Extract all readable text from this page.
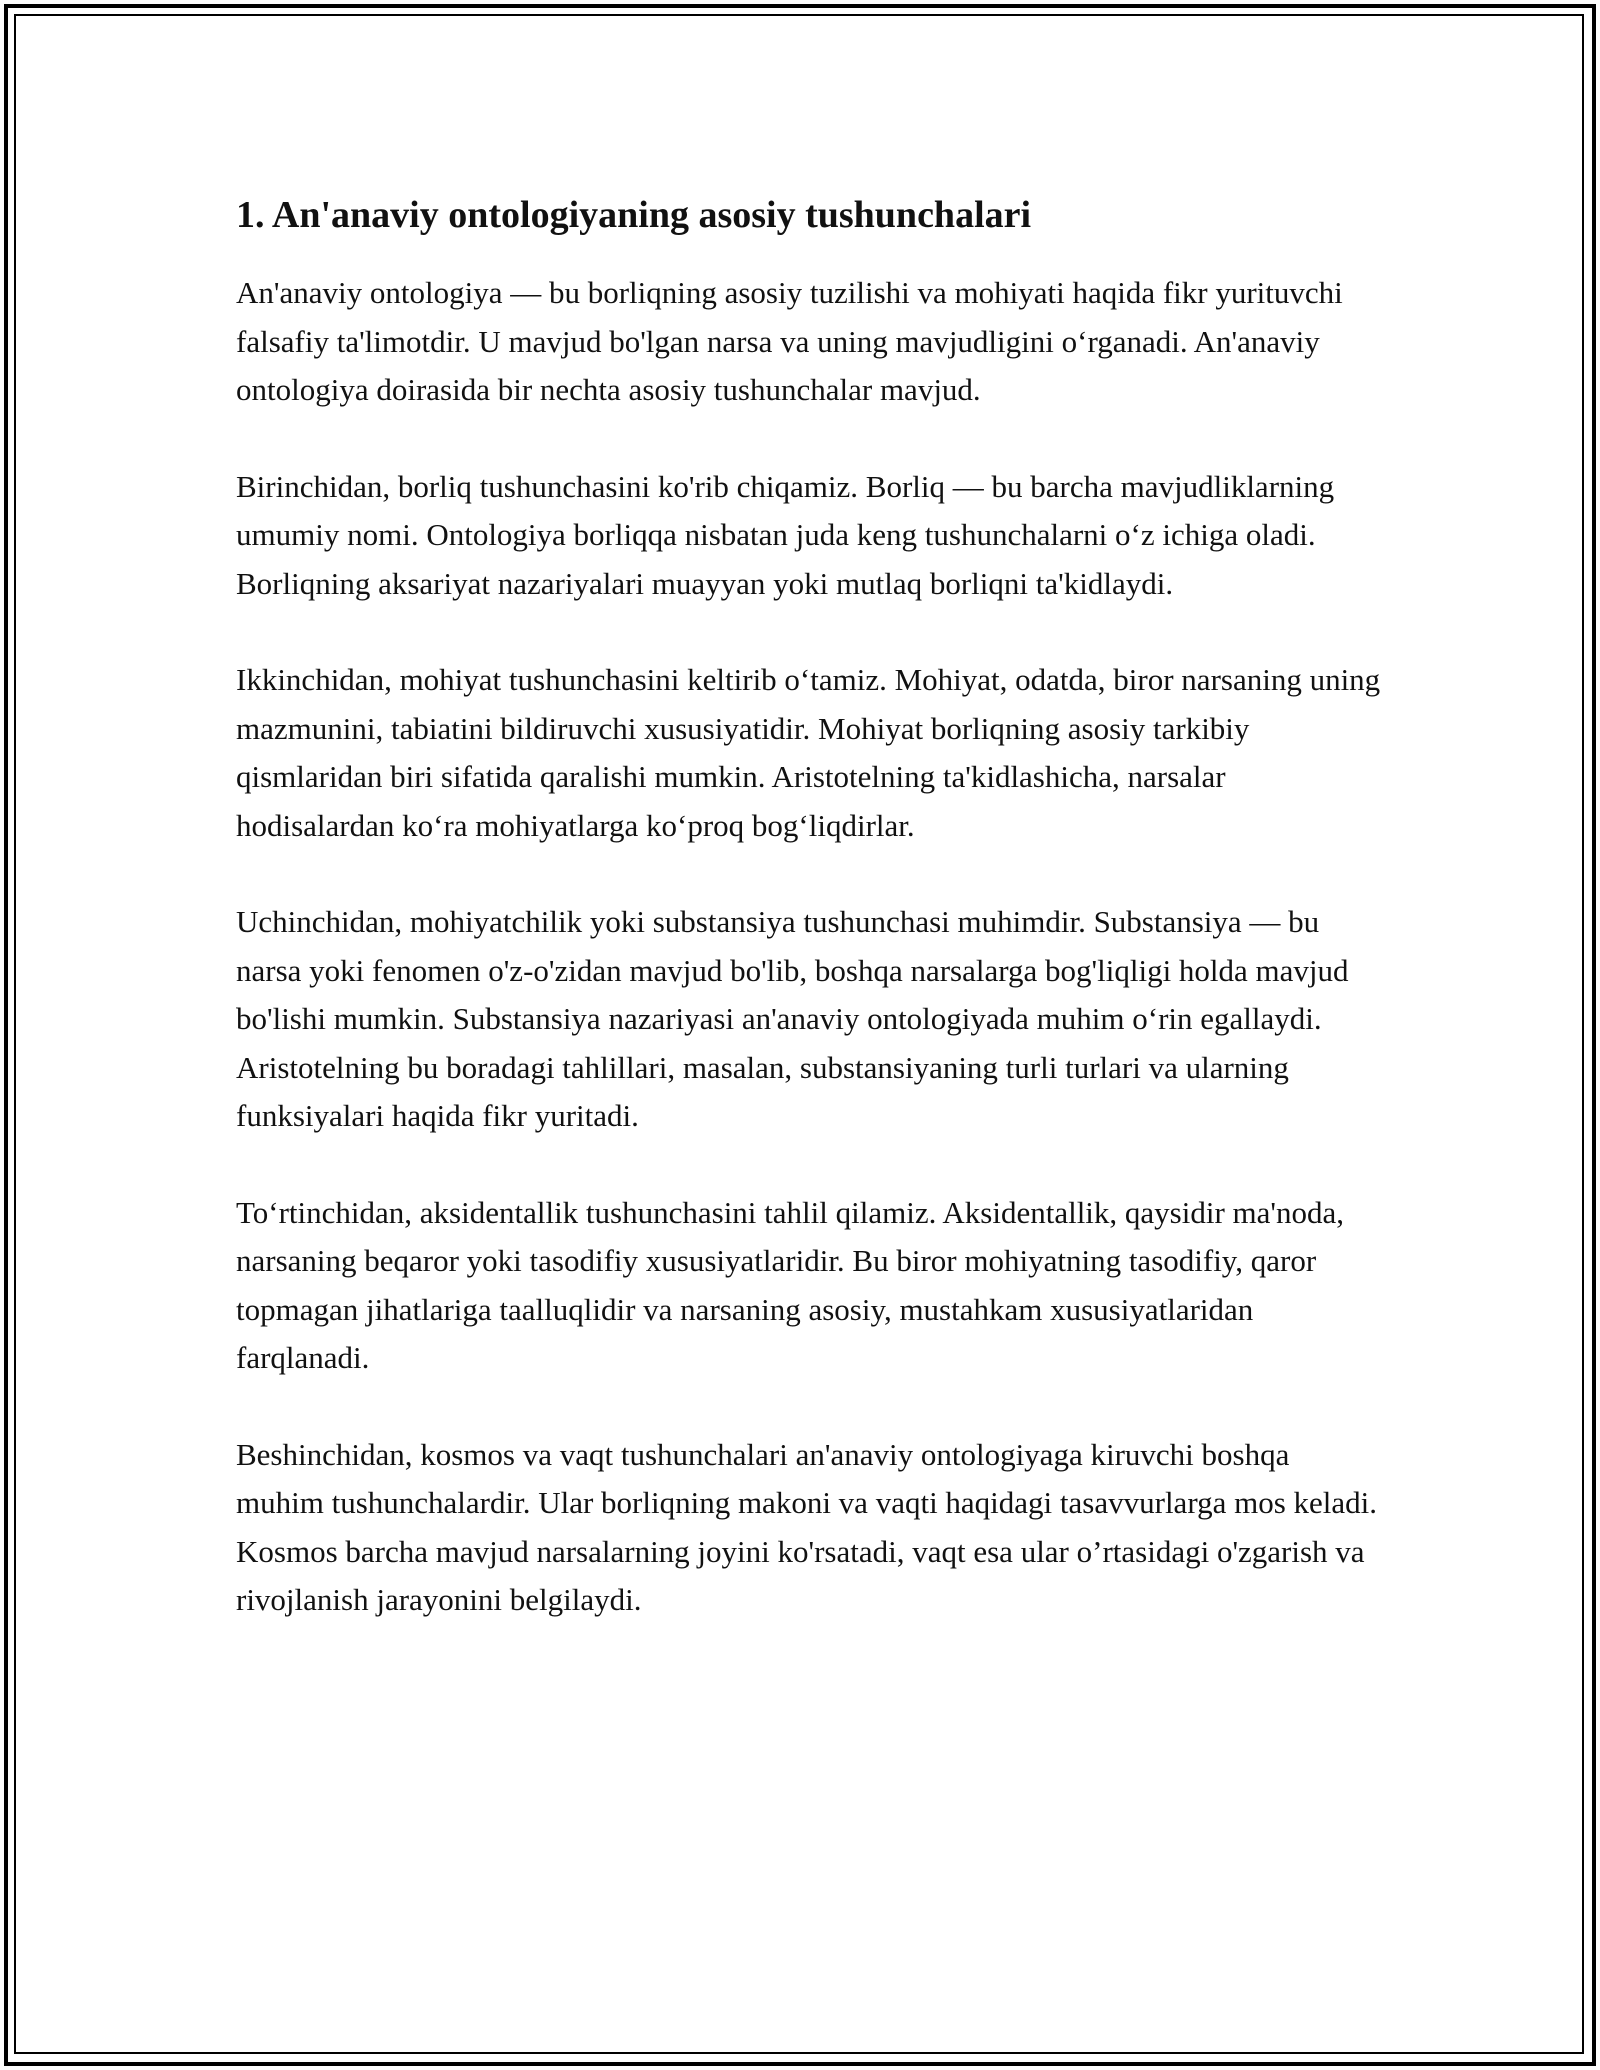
1. An'anaviy ontologiyaning asosiy tushunchalari

An'anaviy ontologiya — bu borliqning asosiy tuzilishi va mohiyati haqida fikr yurituvchi falsafiy ta'limotdir. U mavjud bo'lgan narsa va uning mavjudligini o‘rganadi. An'anaviy ontologiya doirasida bir nechta asosiy tushunchalar mavjud.

Birinchidan, borliq tushunchasini ko'rib chiqamiz. Borliq — bu barcha mavjudliklarning umumiy nomi. Ontologiya borliqqa nisbatan juda keng tushunchalarni o‘z ichiga oladi. Borliqning aksariyat nazariyalari muayyan yoki mutlaq borliqni ta'kidlaydi.

Ikkinchidan, mohiyat tushunchasini keltirib o‘tamiz. Mohiyat, odatda, biror narsaning uning mazmunini, tabiatini bildiruvchi xususiyatidir. Mohiyat borliqning asosiy tarkibiy qismlaridan biri sifatida qaralishi mumkin. Aristotelning ta'kidlashicha, narsalar hodisalardan ko‘ra mohiyatlarga ko‘proq bog‘liqdirlar.

Uchinchidan, mohiyatchilik yoki substansiya tushunchasi muhimdir. Substansiya — bu narsa yoki fenomen o'z-o'zidan mavjud bo'lib, boshqa narsalarga bog'liqligi holda mavjud bo'lishi mumkin. Substansiya nazariyasi an'anaviy ontologiyada muhim o‘rin egallaydi. Aristotelning bu boradagi tahlillari, masalan, substansiyaning turli turlari va ularning funksiyalari haqida fikr yuritadi.

To‘rtinchidan, aksidentallik tushunchasini tahlil qilamiz. Aksidentallik, qaysidir ma'noda, narsaning beqaror yoki tasodifiy xususiyatlaridir. Bu biror mohiyatning tasodifiy, qaror topmagan jihatlariga taalluqlidir va narsaning asosiy, mustahkam xususiyatlaridan farqlanadi.

Beshinchidan, kosmos va vaqt tushunchalari an'anaviy ontologiyaga kiruvchi boshqa muhim tushunchalardir. Ular borliqning makoni va vaqti haqidagi tasavvurlarga mos keladi. Kosmos barcha mavjud narsalarning joyini ko'rsatadi, vaqt esa ular o’rtasidagi o'zgarish va rivojlanish jarayonini belgilaydi.
